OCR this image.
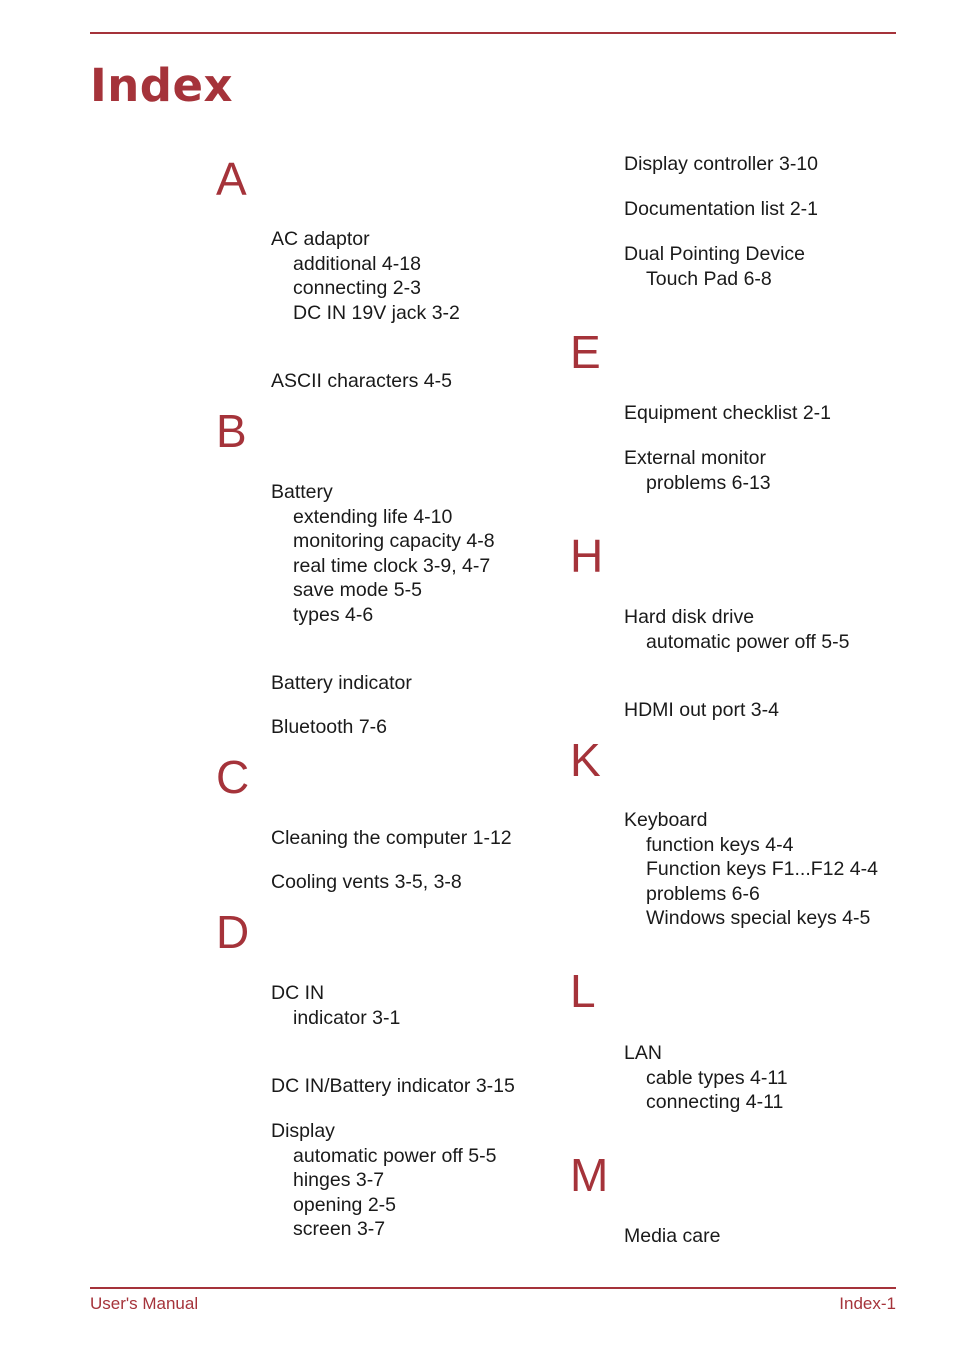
Index
A
AC adaptor
additional 4-18
connecting 2-3
DC IN 19V jack 3-2
ASCII characters 4-5
B
Battery
extending life 4-10
monitoring capacity 4-8
real time clock 3-9, 4-7
save mode 5-5
types 4-6
Battery indicator
Bluetooth 7-6
C
Cleaning the computer 1-12
Cooling vents 3-5, 3-8
D
DC IN
indicator 3-1
DC IN/Battery indicator 3-15
Display
automatic power off 5-5
hinges 3-7
opening 2-5
screen 3-7
Display controller 3-10
Documentation list 2-1
Dual Pointing Device
Touch Pad 6-8
E
Equipment checklist 2-1
External monitor
problems 6-13
H
Hard disk drive
automatic power off 5-5
HDMI out port 3-4
K
Keyboard
function keys 4-4
Function keys F1...F12 4-4
problems 6-6
Windows special keys 4-5
L
LAN
cable types 4-11
connecting 4-11
M
Media care
User's Manual	Index-1
